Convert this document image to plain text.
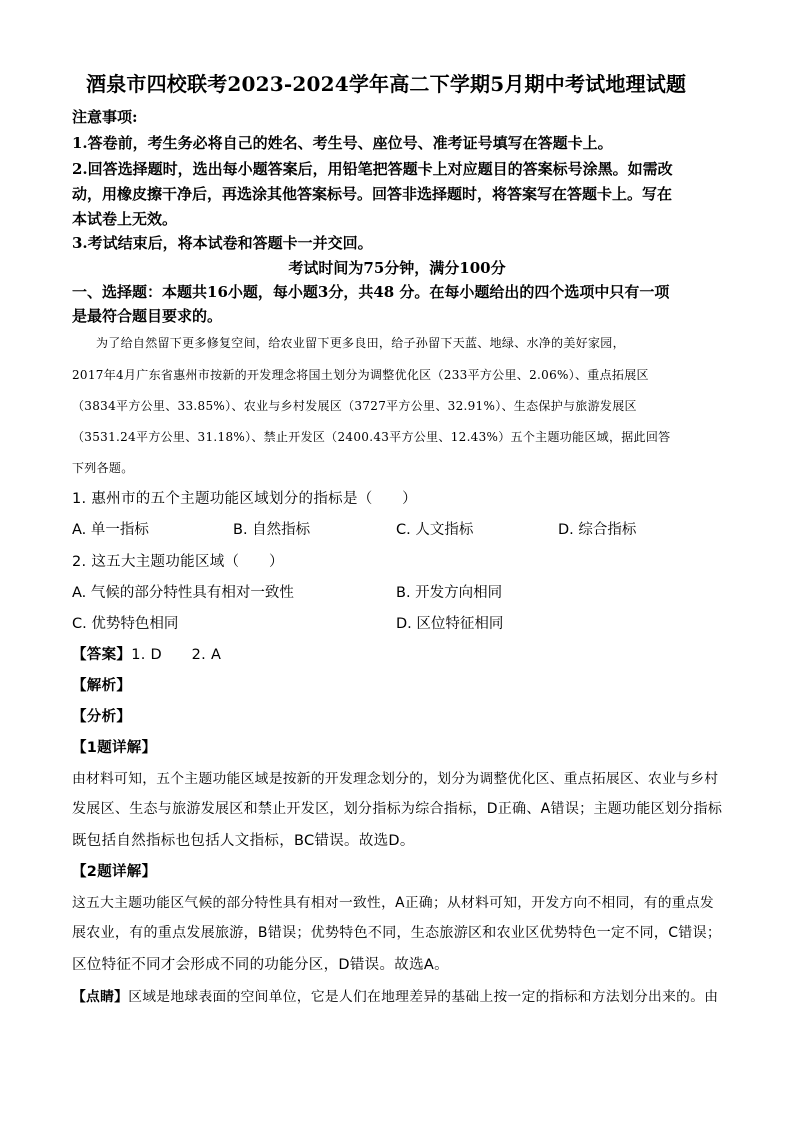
酒泉市四校联考2023-2024学年高二下学期5月期中考试地理试题
注意事项:
1.答卷前，考生务必将自己的姓名、考生号、座位号、准考证号填写在答题卡上。
2.回答选择题时，选出每小题答案后，用铅笔把答题卡上对应题目的答案标号涂黑。如需改
动，用橡皮擦干净后，再选涂其他答案标号。回答非选择题时，将答案写在答题卡上。写在
本试卷上无效。
3.考试结束后，将本试卷和答题卡一并交回。
考试时间为75分钟，满分100分
一、选择题：本题共16小题，每小题3分，共48 分。在每小题给出的四个选项中只有一项
是最符合题目要求的。
为了给自然留下更多修复空间，给农业留下更多良田，给子孙留下天蓝、地绿、水净的美好家园，
2017年4月广东省惠州市按新的开发理念将国土划分为调整优化区（233平方公里、2.06%）、重点拓展区
（3834平方公里、33.85%）、农业与乡村发展区（3727平方公里、32.91%）、生态保护与旅游发展区
（3531.24平方公里、31.18%）、禁止开发区（2400.43平方公里、12.43%）五个主题功能区域，据此回答
下列各题。
1. 惠州市的五个主题功能区域划分的指标是（　　）
A. 单一指标	B. 自然指标	C. 人文指标	D. 综合指标
2. 这五大主题功能区域（　　）
A. 气候的部分特性具有相对一致性	B. 开发方向相同
C. 优势特色相同	D. 区位特征相同
【答案】1. D　　2. A
【解析】
【分析】
【1题详解】
由材料可知，五个主题功能区域是按新的开发理念划分的，划分为调整优化区、重点拓展区、农业与乡村
发展区、生态与旅游发展区和禁止开发区，划分指标为综合指标，D正确、A错误；主题功能区划分指标
既包括自然指标也包括人文指标，BC错误。故选D。
【2题详解】
这五大主题功能区气候的部分特性具有相对一致性，A正确；从材料可知，开发方向不相同，有的重点发
展农业，有的重点发展旅游，B错误；优势特色不同，生态旅游区和农业区优势特色一定不同，C错误；
区位特征不同才会形成不同的功能分区，D错误。故选A。
【点睛】区域是地球表面的空间单位，它是人们在地理差异的基础上按一定的指标和方法划分出来的。由
